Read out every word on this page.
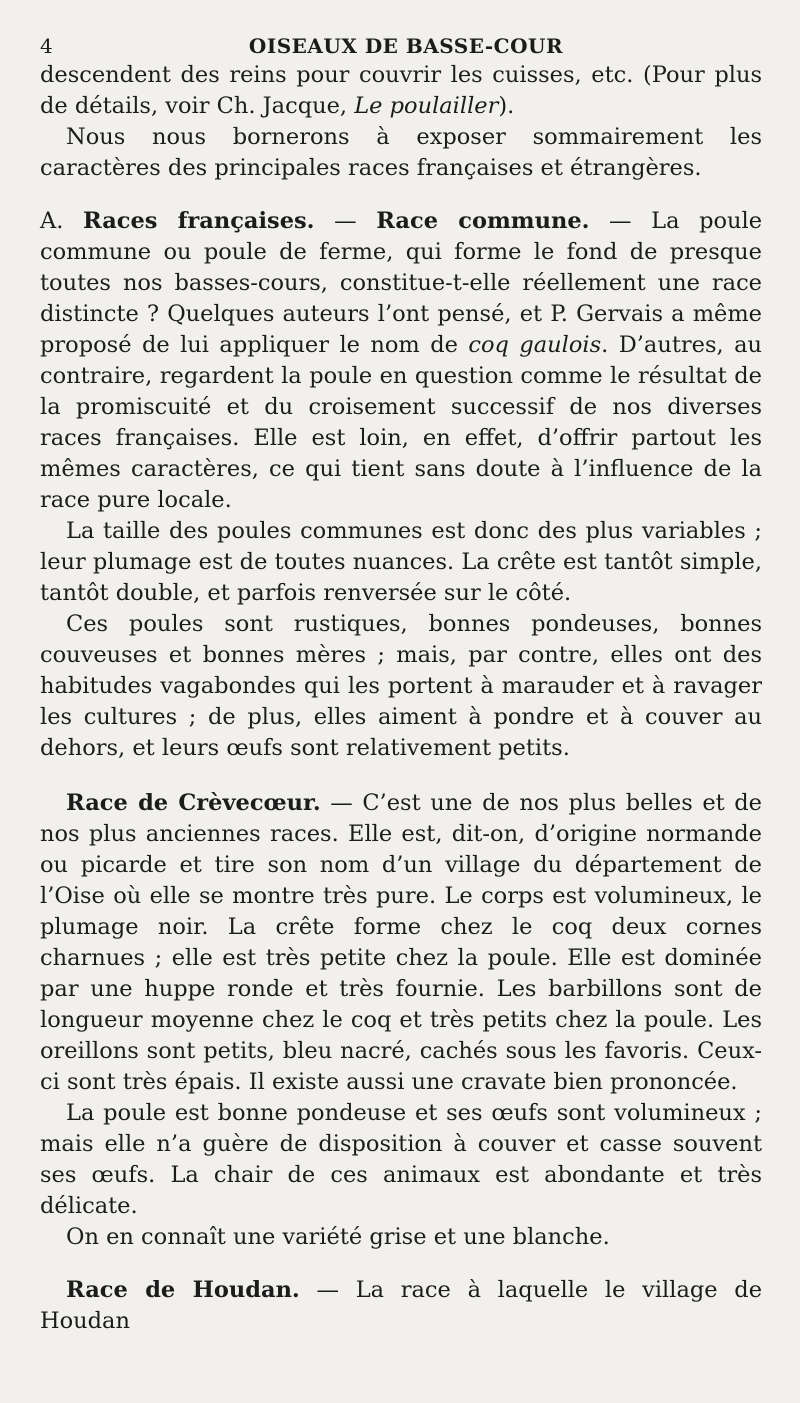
4	OISEAUX DE BASSE-COUR

descendent des reins pour couvrir les cuisses, etc. (Pour plus de détails, voir Ch. Jacque, Le poulailler).

Nous nous bornerons à exposer sommairement les caractères des principales races françaises et étrangères.

A. Races françaises. — Race commune. — La poule commune ou poule de ferme, qui forme le fond de presque toutes nos basses-cours, constitue-t-elle réellement une race distincte ? Quelques auteurs l’ont pensé, et P. Gervais a même proposé de lui appliquer le nom de coq gaulois. D’autres, au contraire, regardent la poule en question comme le résultat de la promiscuité et du croisement successif de nos diverses races françaises. Elle est loin, en effet, d’offrir partout les mêmes caractères, ce qui tient sans doute à l’influence de la race pure locale.

La taille des poules communes est donc des plus variables ; leur plumage est de toutes nuances. La crête est tantôt simple, tantôt double, et parfois renversée sur le côté.

Ces poules sont rustiques, bonnes pondeuses, bonnes couveuses et bonnes mères ; mais, par contre, elles ont des habitudes vagabondes qui les portent à marauder et à ravager les cultures ; de plus, elles aiment à pondre et à couver au dehors, et leurs œufs sont relativement petits.

Race de Crèvecœur. — C’est une de nos plus belles et de nos plus anciennes races. Elle est, dit-on, d’origine normande ou picarde et tire son nom d’un village du département de l’Oise où elle se montre très pure. Le corps est volumineux, le plumage noir. La crête forme chez le coq deux cornes charnues ; elle est très petite chez la poule. Elle est dominée par une huppe ronde et très fournie. Les barbillons sont de longueur moyenne chez le coq et très petits chez la poule. Les oreillons sont petits, bleu nacré, cachés sous les favoris. Ceux-ci sont très épais. Il existe aussi une cravate bien prononcée.

La poule est bonne pondeuse et ses œufs sont volumineux ; mais elle n’a guère de disposition à couver et casse souvent ses œufs. La chair de ces animaux est abondante et très délicate.

On en connaît une variété grise et une blanche.

Race de Houdan. — La race à laquelle le village de Houdan
